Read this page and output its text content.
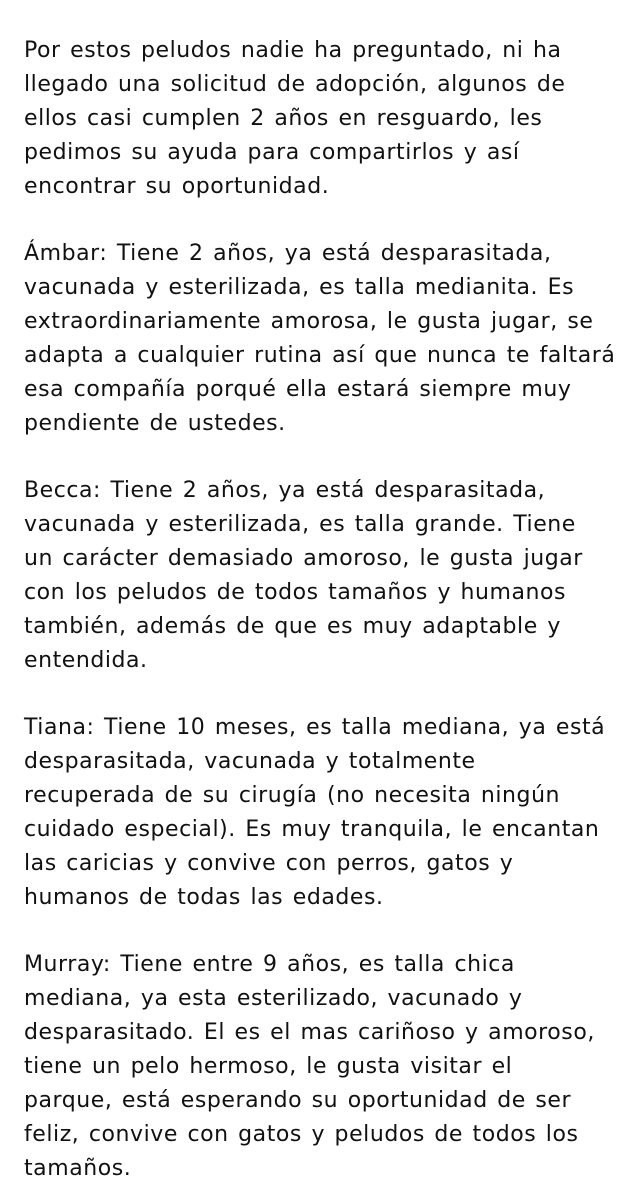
Por estos peludos nadie ha preguntado, ni ha
llegado una solicitud de adopción, algunos de
ellos casi cumplen 2 años en resguardo, les
pedimos su ayuda para compartirlos y así
encontrar su oportunidad.

Ámbar: Tiene 2 años, ya está desparasitada,
vacunada y esterilizada, es talla medianita. Es
extraordinariamente amorosa, le gusta jugar, se
adapta a cualquier rutina así que nunca te faltará
esa compañía porqué ella estará siempre muy
pendiente de ustedes.

Becca: Tiene 2 años, ya está desparasitada,
vacunada y esterilizada, es talla grande. Tiene
un carácter demasiado amoroso, le gusta jugar
con los peludos de todos tamaños y humanos
también, además de que es muy adaptable y
entendida.

Tiana: Tiene 10 meses, es talla mediana, ya está
desparasitada, vacunada y totalmente
recuperada de su cirugía (no necesita ningún
cuidado especial). Es muy tranquila, le encantan
las caricias y convive con perros, gatos y
humanos de todas las edades.

Murray: Tiene entre 9 años, es talla chica
mediana, ya esta esterilizado, vacunado y
desparasitado. El es el mas cariñoso y amoroso,
tiene un pelo hermoso, le gusta visitar el
parque, está esperando su oportunidad de ser
feliz, convive con gatos y peludos de todos los
tamaños.
